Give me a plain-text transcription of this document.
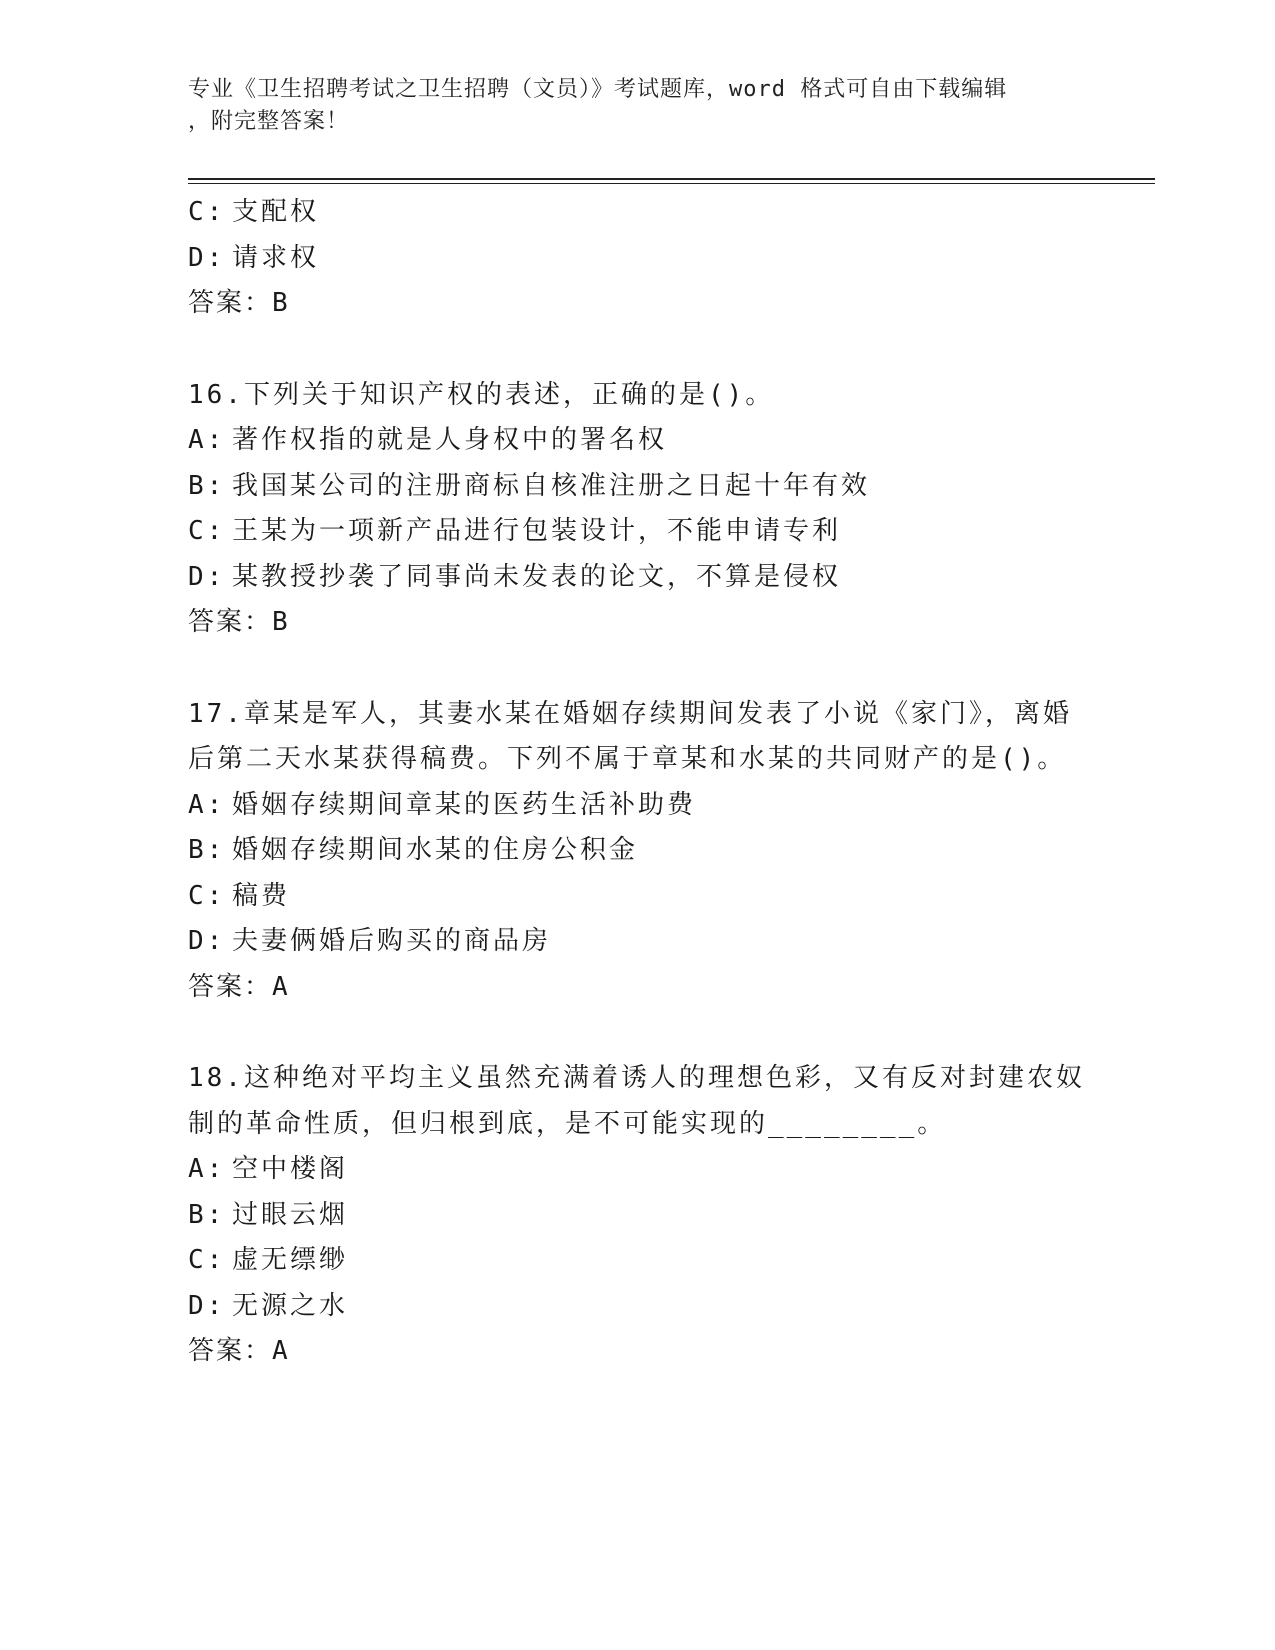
专业《卫生招聘考试之卫生招聘（文员）》考试题库，word 格式可自由下载编辑
，附完整答案！
C: 支配权
D: 请求权
答案：B
16.下列关于知识产权的表述，正确的是()。
A: 著作权指的就是人身权中的署名权
B: 我国某公司的注册商标自核准注册之日起十年有效
C: 王某为一项新产品进行包装设计，不能申请专利
D: 某教授抄袭了同事尚未发表的论文，不算是侵权
答案：B
17.章某是军人，其妻水某在婚姻存续期间发表了小说《家门》，离婚
后第二天水某获得稿费。下列不属于章某和水某的共同财产的是()。
A: 婚姻存续期间章某的医药生活补助费
B: 婚姻存续期间水某的住房公积金
C: 稿费
D: 夫妻俩婚后购买的商品房
答案：A
18.这种绝对平均主义虽然充满着诱人的理想色彩，又有反对封建农奴
制的革命性质，但归根到底，是不可能实现的________。
A: 空中楼阁
B: 过眼云烟
C: 虚无缥缈
D: 无源之水
答案：A
